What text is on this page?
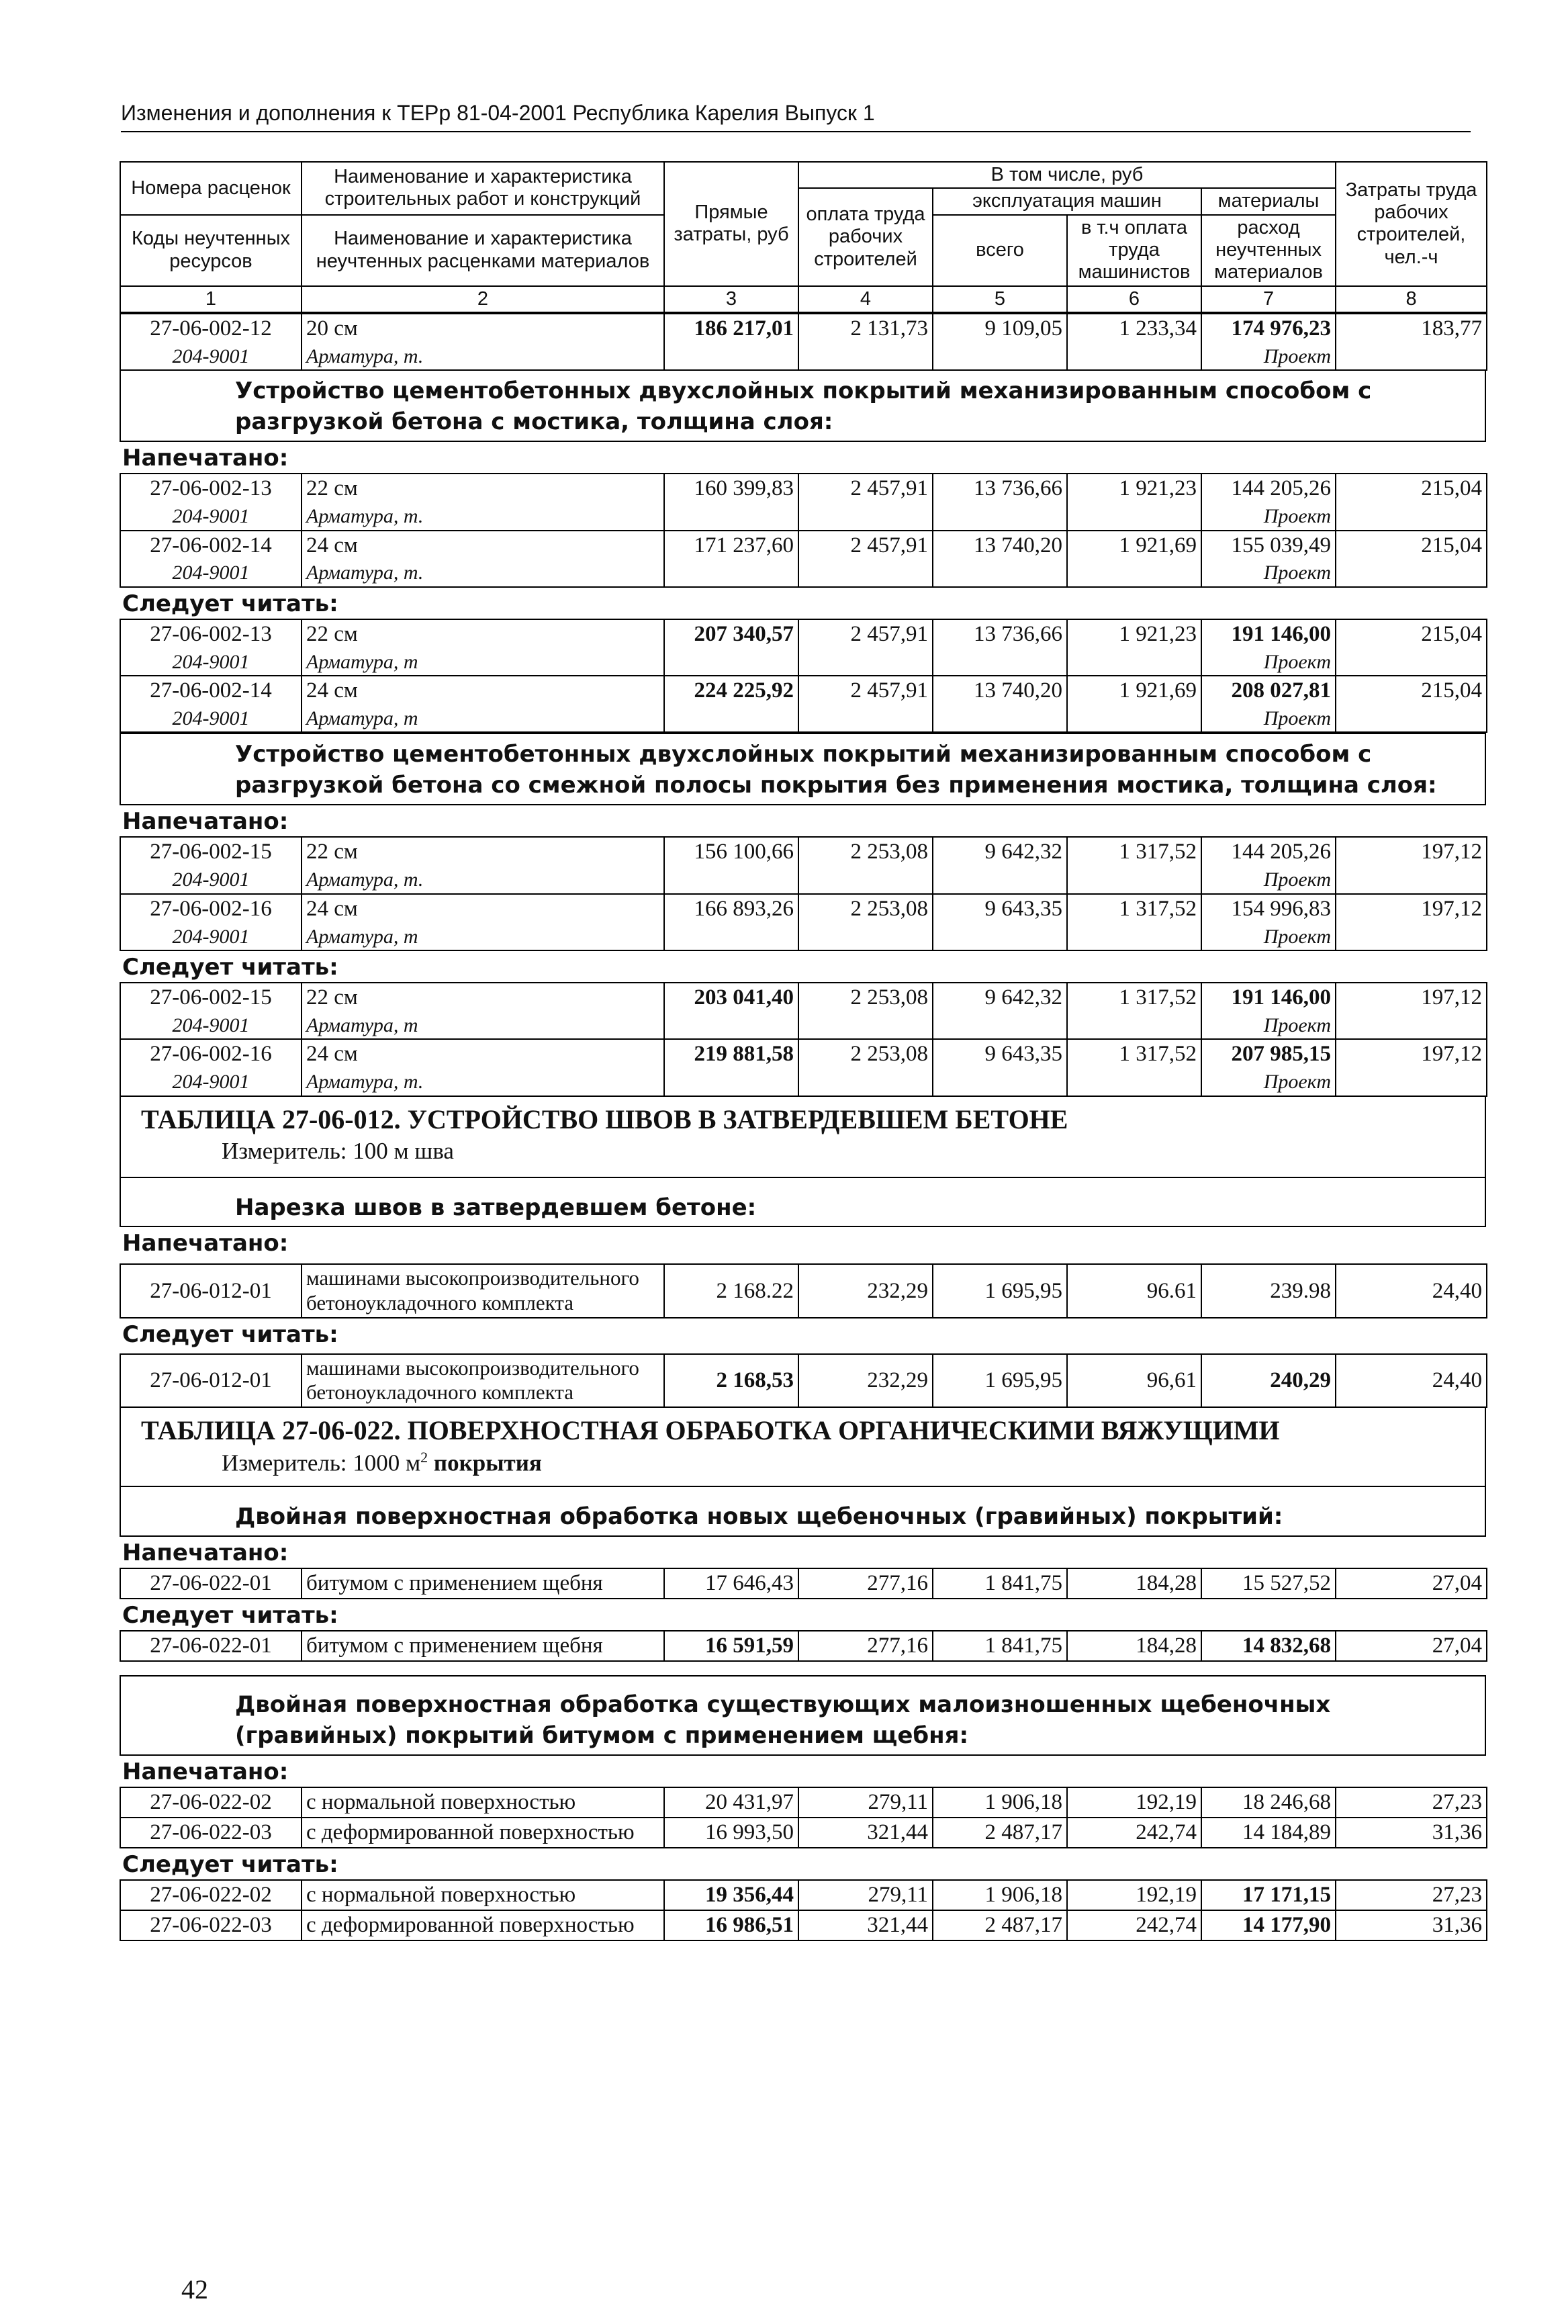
Изменения и дополнения к ТЕРр 81-04-2001 Республика Карелия Выпуск 1
Номера расценок	Наименование и характеристика строительных работ и конструкций	Прямые затраты, руб	В том числе, руб				Затраты труда рабочих строителей, чел.-ч
			оплата труда рабочих строителей	эксплуатация машин		материалы	
Коды неучтенных ресурсов	Наименование и характеристика неучтенных расценками материалов			всего	в т.ч оплата труда машинистов	расход неучтенных материалов	

1	2	3	4	5	6	7	8
27-06-002-12	20 см	186 217,01	2 131,73	9 109,05	1 233,34	174 976,23	183,77
204-9001	Арматура, т.					Проект	
Устройство цементобетонных двухслойных покрытий механизированным способом с разгрузкой бетона с мостика, толщина слоя:
Напечатано:
27-06-002-13	22 см	160 399,83	2 457,91	13 736,66	1 921,23	144 205,26	215,04
204-9001	Арматура, т.					Проект	
27-06-002-14	24 см	171 237,60	2 457,91	13 740,20	1 921,69	155 039,49	215,04
204-9001	Арматура, т.					Проект	
Следует читать:
27-06-002-13	22 см	207 340,57	2 457,91	13 736,66	1 921,23	191 146,00	215,04
204-9001	Арматура, т					Проект	
27-06-002-14	24 см	224 225,92	2 457,91	13 740,20	1 921,69	208 027,81	215,04
204-9001	Арматура, т					Проект	
Устройство цементобетонных двухслойных покрытий механизированным способом с разгрузкой бетона со смежной полосы покрытия без применения мостика, толщина слоя:
Напечатано:
27-06-002-15	22 см	156 100,66	2 253,08	9 642,32	1 317,52	144 205,26	197,12
204-9001	Арматура, т.					Проект	
27-06-002-16	24 см	166 893,26	2 253,08	9 643,35	1 317,52	154 996,83	197,12
204-9001	Арматура, т					Проект	
Следует читать:
27-06-002-15	22 см	203 041,40	2 253,08	9 642,32	1 317,52	191 146,00	197,12
204-9001	Арматура, т					Проект	
27-06-002-16	24 см	219 881,58	2 253,08	9 643,35	1 317,52	207 985,15	197,12
204-9001	Арматура, т.					Проект	
ТАБЛИЦА 27-06-012. УСТРОЙСТВО ШВОВ В ЗАТВЕРДЕВШЕМ БЕТОНЕ
Измеритель: 100 м шва
Нарезка швов в затвердевшем бетоне:
Напечатано:
27-06-012-01	машинами высокопроизводительного бетоноукладочного комплекта	2 168.22	232,29	1 695,95	96.61	239.98	24,40
Следует читать:
27-06-012-01	машинами высокопроизводительного бетоноукладочного комплекта	2 168,53	232,29	1 695,95	96,61	240,29	24,40
ТАБЛИЦА 27-06-022. ПОВЕРХНОСТНАЯ ОБРАБОТКА ОРГАНИЧЕСКИМИ ВЯЖУЩИМИ
Измеритель: 1000 $м^2$ покрытия
Двойная поверхностная обработка новых щебеночных (гравийных) покрытий:
Напечатано:
27-06-022-01	битумом с применением щебня	17 646,43	277,16	1 841,75	184,28	15 527,52	27,04
Следует читать:
27-06-022-01	битумом с применением щебня	16 591,59	277,16	1 841,75	184,28	14 832,68	27,04
Двойная поверхностная обработка существующих малоизношенных щебеночных (гравийных) покрытий битумом с применением щебня:
Напечатано:
27-06-022-02	с нормальной поверхностью	20 431,97	279,11	1 906,18	192,19	18 246,68	27,23
27-06-022-03	с деформированной поверхностью	16 993,50	321,44	2 487,17	242,74	14 184,89	31,36
Следует читать:
27-06-022-02	с нормальной поверхностью	19 356,44	279,11	1 906,18	192,19	17 171,15	27,23
27-06-022-03	с деформированной поверхностью	16 986,51	321,44	2 487,17	242,74	14 177,90	31,36
42
